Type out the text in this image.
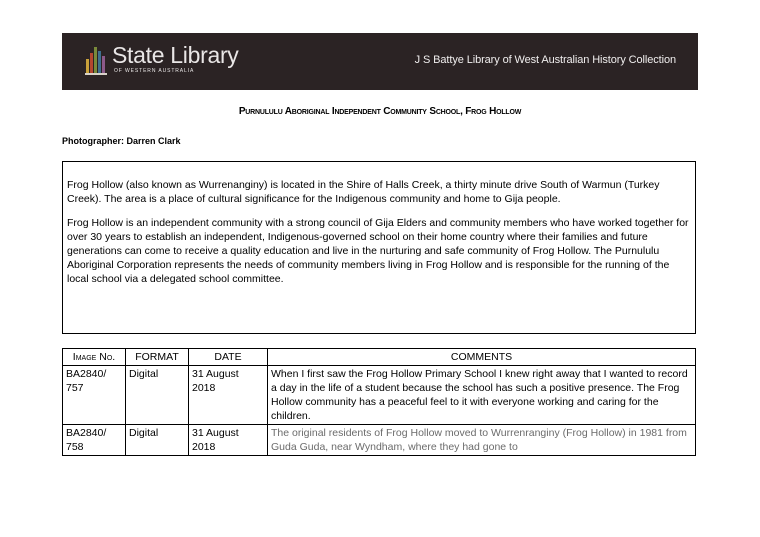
State Library
OF WESTERN AUSTRALIA
J S Battye Library of West Australian History Collection
Purnululu Aboriginal Independent Community School, Frog Hollow
Photographer: Darren Clark

Frog Hollow (also known as Wurrenanginy) is located in the Shire of Halls Creek, a thirty minute drive South of Warmun (Turkey Creek). The area is a place of cultural significance for the Indigenous community and home to Gija people.

Frog Hollow is an independent community with a strong council of Gija Elders and community members who have worked together for over 30 years to establish an independent, Indigenous-governed school on their home country where their families and future generations can come to receive a quality education and live in the nurturing and safe community of Frog Hollow. The Purnululu Aboriginal Corporation represents the needs of community members living in Frog Hollow and is responsible for the running of the local school via a delegated school committee.

Image No.	FORMAT	DATE	COMMENTS
BA2840/ 757	Digital	31 August 2018	When I first saw the Frog Hollow Primary School I knew right away that I wanted to record a day in the life of a student because the school has such a positive presence. The Frog Hollow community has a peaceful feel to it with everyone working and caring for the children.
BA2840/ 758	Digital	31 August 2018	The original residents of Frog Hollow moved to Wurrenranginy (Frog Hollow) in 1981 from Guda Guda, near Wyndham, where they had gone to
